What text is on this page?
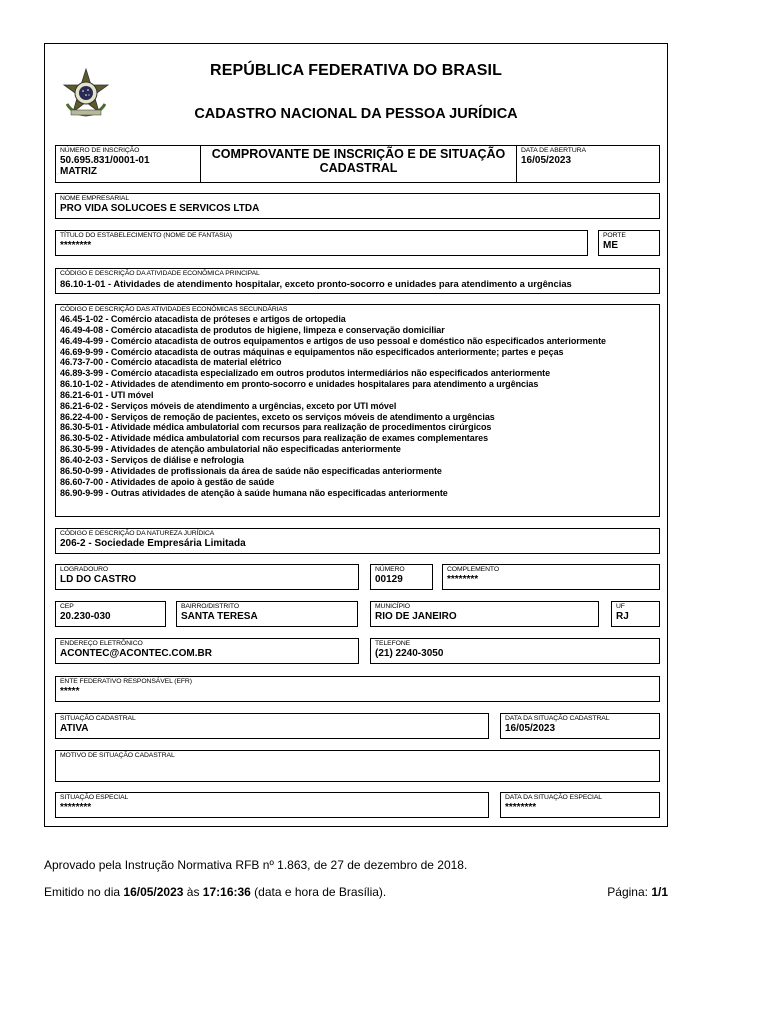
REPÚBLICA FEDERATIVA DO BRASIL
CADASTRO NACIONAL DA PESSOA JURÍDICA
NÚMERO DE INSCRIÇÃO
50.695.831/0001-01
MATRIZ
COMPROVANTE DE INSCRIÇÃO E DE SITUAÇÃO
CADASTRAL
DATA DE ABERTURA
16/05/2023
NOME EMPRESARIAL
PRO VIDA SOLUCOES E SERVICOS LTDA
TÍTULO DO ESTABELECIMENTO (NOME DE FANTASIA)
********
PORTE
ME
CÓDIGO E DESCRIÇÃO DA ATIVIDADE ECONÔMICA PRINCIPAL
86.10-1-01 - Atividades de atendimento hospitalar, exceto pronto-socorro e unidades para atendimento a urgências
CÓDIGO E DESCRIÇÃO DAS ATIVIDADES ECONÔMICAS SECUNDÁRIAS
46.45-1-02 - Comércio atacadista de próteses e artigos de ortopedia
46.49-4-08 - Comércio atacadista de produtos de higiene, limpeza e conservação domiciliar
46.49-4-99 - Comércio atacadista de outros equipamentos e artigos de uso pessoal e doméstico não especificados anteriormente
46.69-9-99 - Comércio atacadista de outras máquinas e equipamentos não especificados anteriormente; partes e peças
46.73-7-00 - Comércio atacadista de material elétrico
46.89-3-99 - Comércio atacadista especializado em outros produtos intermediários não especificados anteriormente
86.10-1-02 - Atividades de atendimento em pronto-socorro e unidades hospitalares para atendimento a urgências
86.21-6-01 - UTI móvel
86.21-6-02 - Serviços móveis de atendimento a urgências, exceto por UTI móvel
86.22-4-00 - Serviços de remoção de pacientes, exceto os serviços móveis de atendimento a urgências
86.30-5-01 - Atividade médica ambulatorial com recursos para realização de procedimentos cirúrgicos
86.30-5-02 - Atividade médica ambulatorial com recursos para realização de exames complementares
86.30-5-99 - Atividades de atenção ambulatorial não especificadas anteriormente
86.40-2-03 - Serviços de diálise e nefrologia
86.50-0-99 - Atividades de profissionais da área de saúde não especificadas anteriormente
86.60-7-00 - Atividades de apoio à gestão de saúde
86.90-9-99 - Outras atividades de atenção à saúde humana não especificadas anteriormente
CÓDIGO E DESCRIÇÃO DA NATUREZA JURÍDICA
206-2 - Sociedade Empresária Limitada
LOGRADOURO
LD DO CASTRO
NÚMERO
00129
COMPLEMENTO
********
CEP
20.230-030
BAIRRO/DISTRITO
SANTA TERESA
MUNICÍPIO
RIO DE JANEIRO
UF
RJ
ENDEREÇO ELETRÔNICO
ACONTEC@ACONTEC.COM.BR
TELEFONE
(21) 2240-3050
ENTE FEDERATIVO RESPONSÁVEL (EFR)
*****
SITUAÇÃO CADASTRAL
ATIVA
DATA DA SITUAÇÃO CADASTRAL
16/05/2023
MOTIVO DE SITUAÇÃO CADASTRAL
SITUAÇÃO ESPECIAL
********
DATA DA SITUAÇÃO ESPECIAL
********
Aprovado pela Instrução Normativa RFB nº 1.863, de 27 de dezembro de 2018.
Emitido no dia 16/05/2023 às 17:16:36 (data e hora de Brasília).	Página: 1/1
